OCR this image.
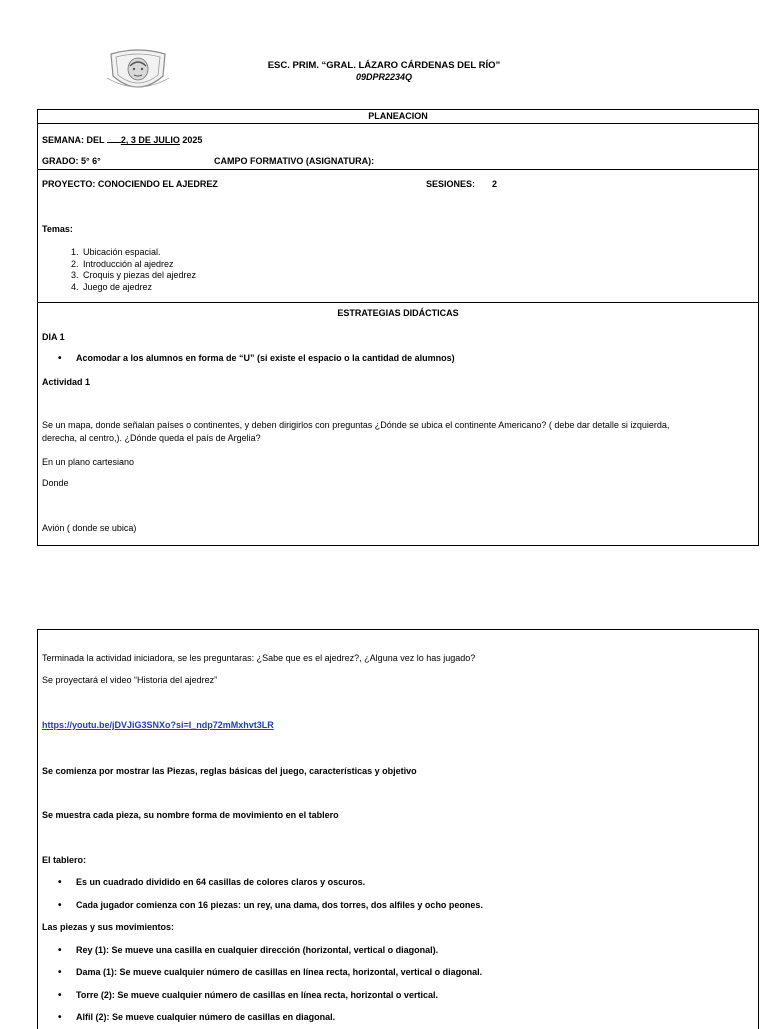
ESC. PRIM. “GRAL. LÁZARO CÁRDENAS DEL RÍO”
09DPR2234Q
PLANEACION
SEMANA: DEL 2, 3 DE JULIO 2025
GRADO: 5° 6°	CAMPO FORMATIVO (ASIGNATURA):
PROYECTO: CONOCIENDO EL AJEDREZ	SESIONES: 2
Temas:
1. Ubicación espacial.
2. Introducción al ajedrez
3. Croquis y piezas del ajedrez
4. Juego de ajedrez
ESTRATEGIAS DIDÁCTICAS
DIA 1
• Acomodar a los alumnos en forma de “U” (si existe el espacio o la cantidad de alumnos)
Actividad 1
Se un mapa, donde señalan países o continentes, y deben dirigirlos con preguntas ¿Dónde se ubica el continente Americano? ( debe dar detalle si izquierda,
derecha, al centro,). ¿Dónde queda el país de Argelia?
En un plano cartesiano
Donde
Avión ( donde se ubica)
Terminada la actividad iniciadora, se les preguntaras: ¿Sabe que es el ajedrez?, ¿Alguna vez lo has jugado?
Se proyectará el video “Historia del ajedrez”
https://youtu.be/jDVJiG3SNXo?si=I_ndp72mMxhvt3LR
Se comienza por mostrar las Piezas, reglas básicas del juego, características y objetivo
Se muestra cada pieza, su nombre forma de movimiento en el tablero
El tablero:
• Es un cuadrado dividido en 64 casillas de colores claros y oscuros.
• Cada jugador comienza con 16 piezas: un rey, una dama, dos torres, dos alfiles y ocho peones.
Las piezas y sus movimientos:
• Rey (1): Se mueve una casilla en cualquier dirección (horizontal, vertical o diagonal).
• Dama (1): Se mueve cualquier número de casillas en línea recta, horizontal, vertical o diagonal.
• Torre (2): Se mueve cualquier número de casillas en línea recta, horizontal o vertical.
• Alfil (2): Se mueve cualquier número de casillas en diagonal.
